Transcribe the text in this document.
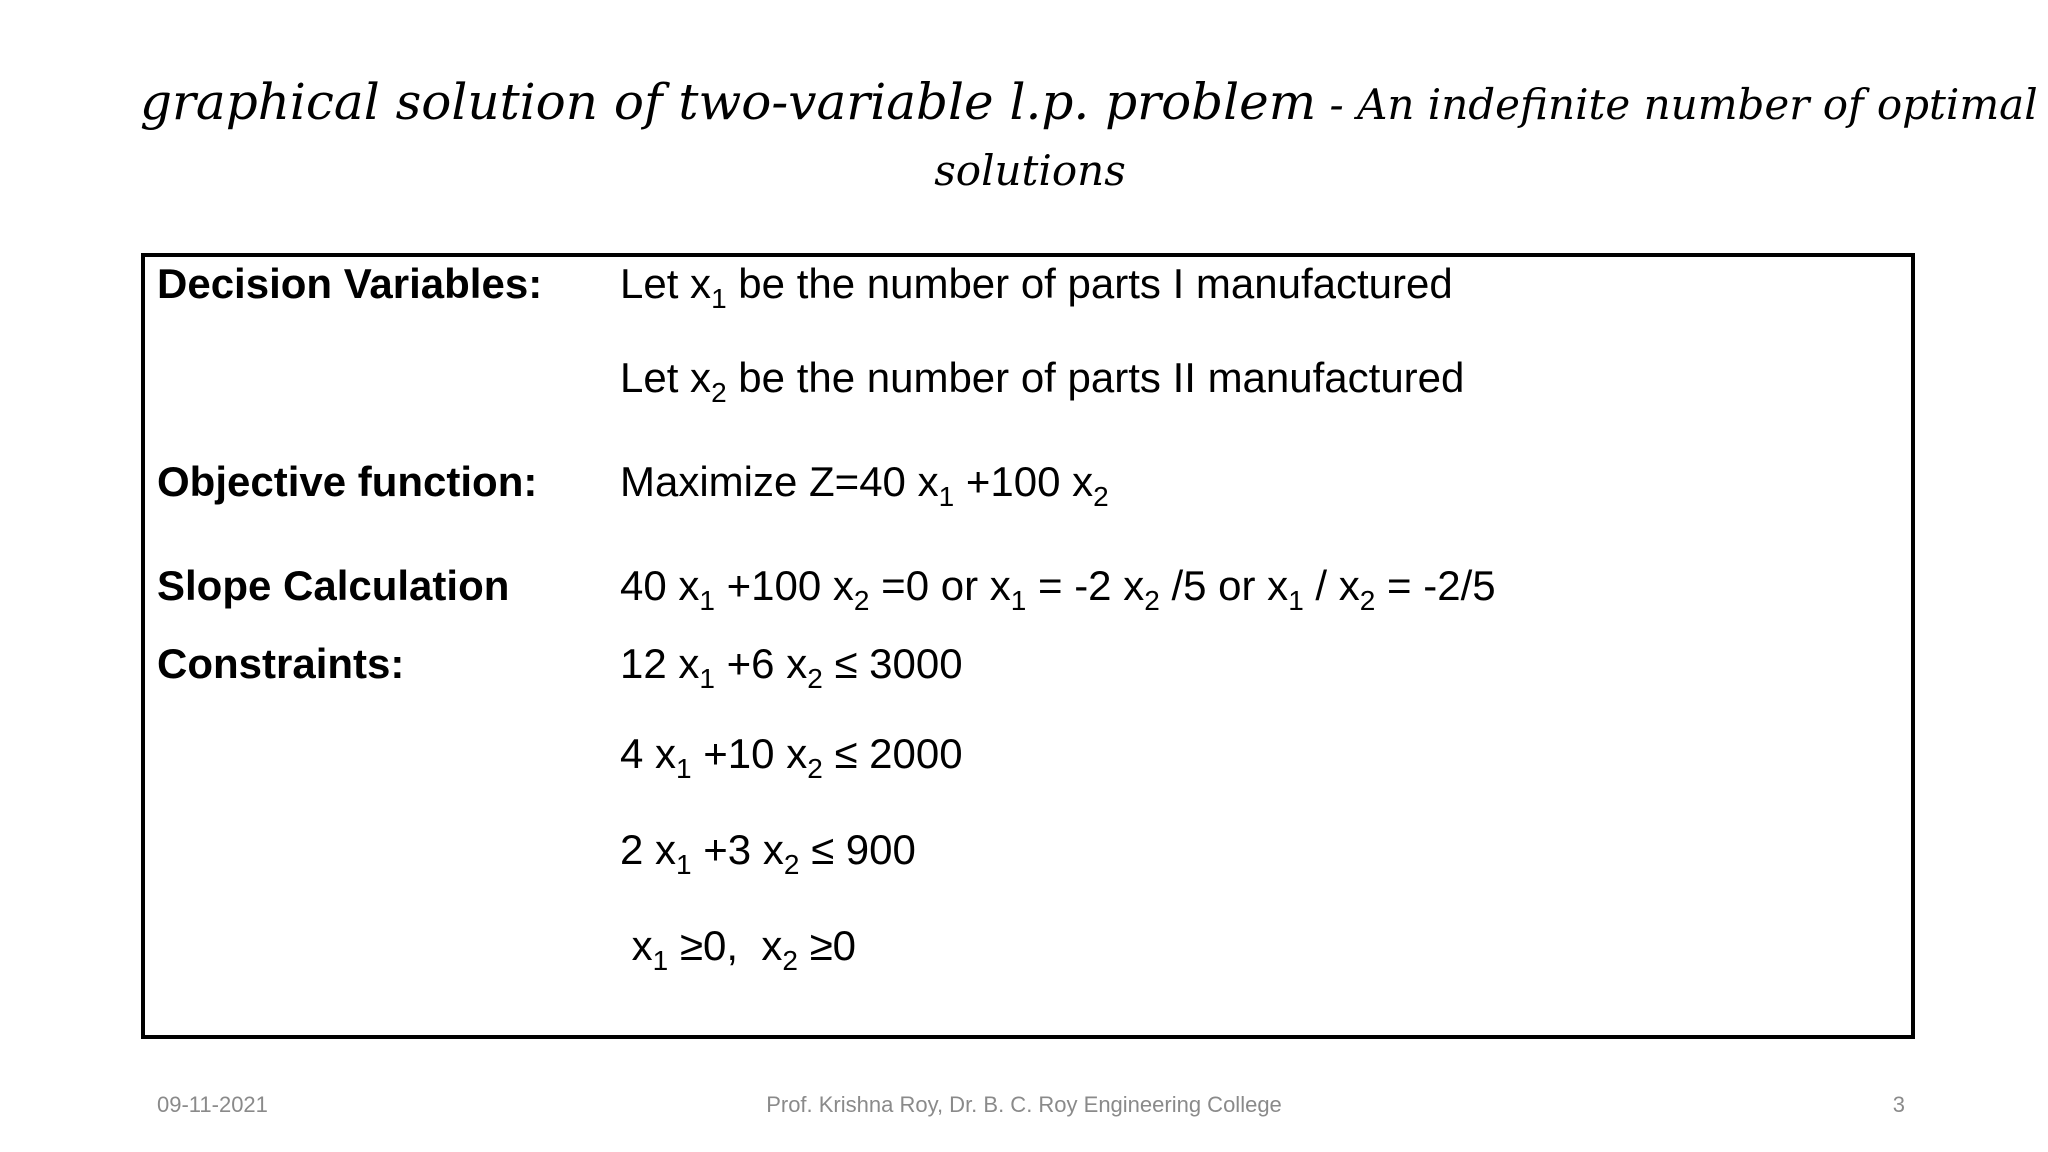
graphical solution of two-variable l.p. problem - An indefinite number of optimal
solutions
Decision Variables: Let $x_1$ be the number of parts I manufactured
Let $x_2$ be the number of parts II manufactured
Objective function: Maximize Z=40 $x_1 +100$ $x_2$
Slope Calculation	40 $x_1 +100$ $x_2 =0$ or $x_1 = -2$ $x_2$ /5 or $x_1 / x_2 = -2/5$
Constraints:	12 $x_1 +6$ $x_2 \le 3000$
4 $x_1 +10$ $x_2 \le 2000$
2 $x_1 +3$ $x_2 \le 900$
$x_1 \ge 0$,  $x_2 \ge 0$
09-11-2021	Prof. Krishna Roy, Dr. B. C. Roy Engineering College	3
